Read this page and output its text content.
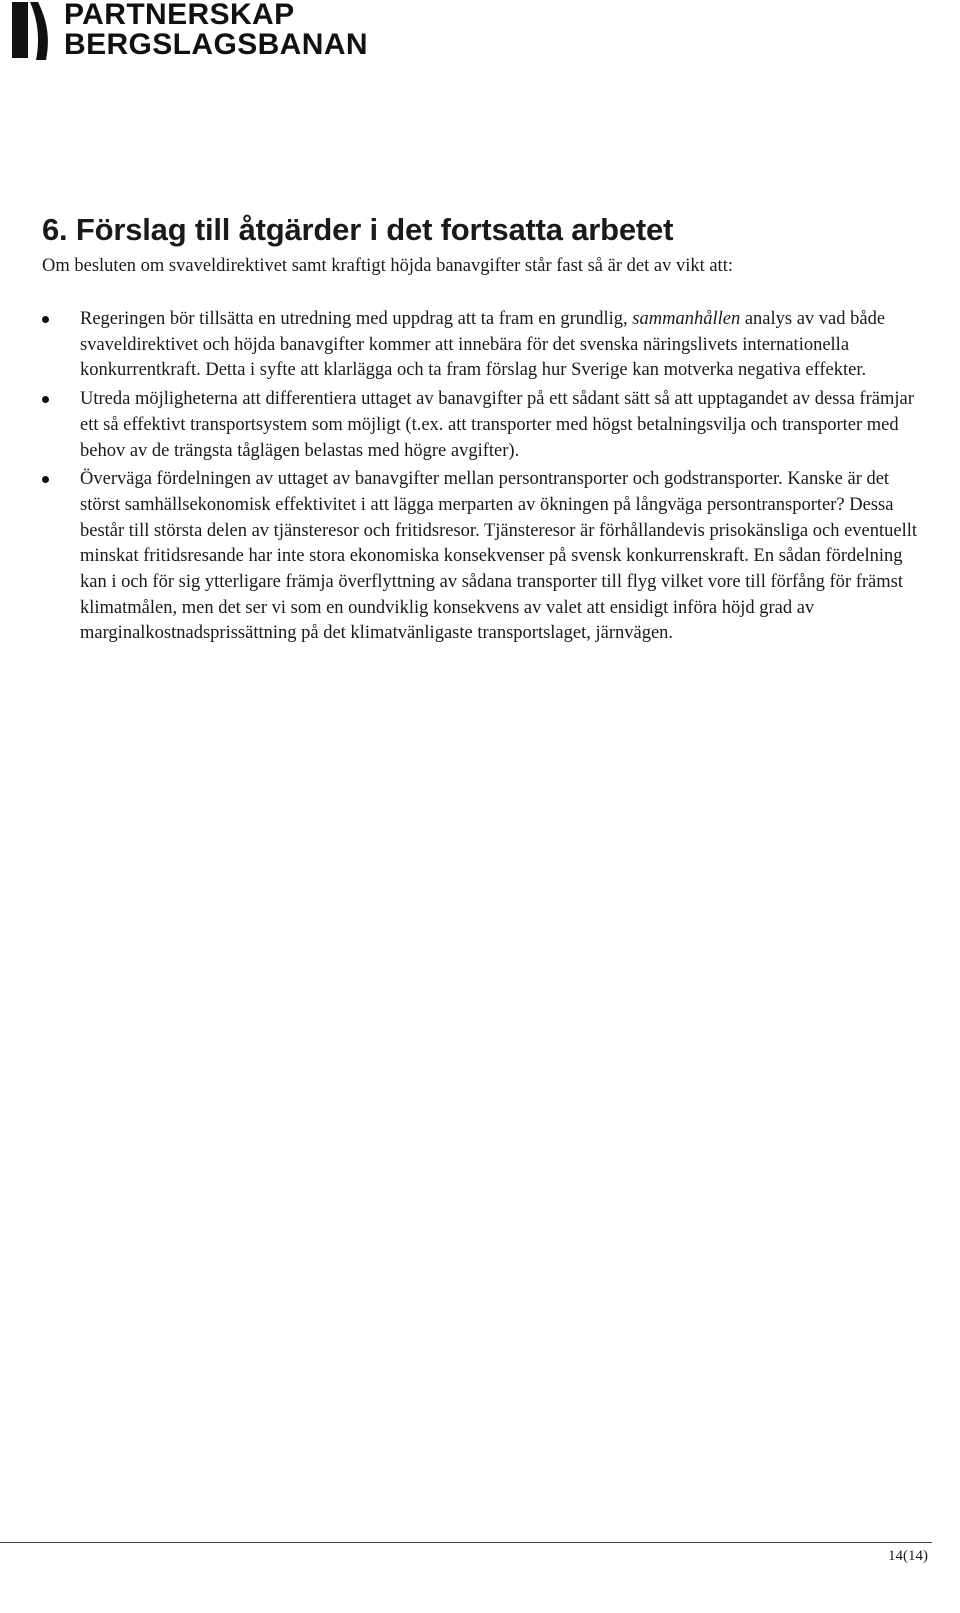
PARTNERSKAP
BERGSLAGSBANAN
6. Förslag till åtgärder i det fortsatta arbetet

Om besluten om svaveldirektivet samt kraftigt höjda banavgifter står fast så är det av vikt att:

Regeringen bör tillsätta en utredning med uppdrag att ta fram en grundlig, sammanhållen analys av vad både svaveldirektivet och höjda banavgifter kommer att innebära för det svenska näringslivets internationella konkurrentkraft. Detta i syfte att klarlägga och ta fram förslag hur Sverige kan motverka negativa effekter.
Utreda möjligheterna att differentiera uttaget av banavgifter på ett sådant sätt så att upptagandet av dessa främjar ett så effektivt transportsystem som möjligt (t.ex. att transporter med högst betalningsvilja och transporter med behov av de trängsta tåglägen belastas med högre avgifter).
Överväga fördelningen av uttaget av banavgifter mellan persontransporter och godstransporter. Kanske är det störst samhällsekonomisk effektivitet i att lägga merparten av ökningen på långväga persontransporter? Dessa består till största delen av tjänsteresor och fritidsresor. Tjänsteresor är förhållandevis prisokänsliga och eventuellt minskat fritidsresande har inte stora ekonomiska konsekvenser på svensk konkurrenskraft. En sådan fördelning kan i och för sig ytterligare främja överflyttning av sådana transporter till flyg vilket vore till förfång för främst klimatmålen, men det ser vi som en oundviklig konsekvens av valet att ensidigt införa höjd grad av marginalkostnadsprissättning på det klimatvänligaste transportslaget, järnvägen.
14(14)
